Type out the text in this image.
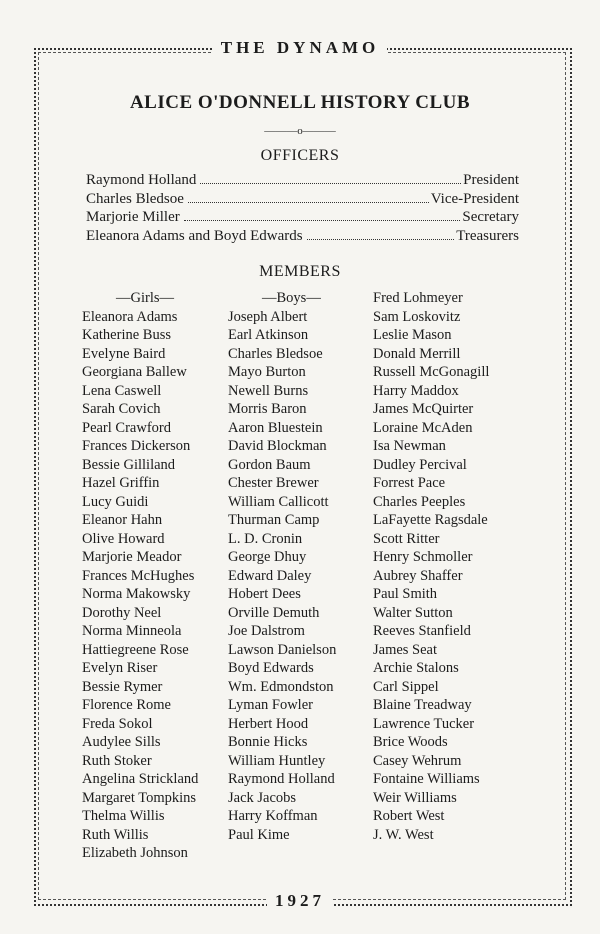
THE DYNAMO
ALICE O'DONNELL HISTORY CLUB
———o———
OFFICERS
Raymond Holland	President
Charles Bledsoe	Vice-President
Marjorie Miller	Secretary
Eleanora Adams and Boyd Edwards	Treasurers
MEMBERS
—Girls—
Eleanora Adams
Katherine Buss
Evelyne Baird
Georgiana Ballew
Lena Caswell
Sarah Covich
Pearl Crawford
Frances Dickerson
Bessie Gilliland
Hazel Griffin
Lucy Guidi
Eleanor Hahn
Olive Howard
Marjorie Meador
Frances McHughes
Norma Makowsky
Dorothy Neel
Norma Minneola
Hattiegreene Rose
Evelyn Riser
Bessie Rymer
Florence Rome
Freda Sokol
Audylee Sills
Ruth Stoker
Angelina Strickland
Margaret Tompkins
Thelma Willis
Ruth Willis
Elizabeth Johnson
—Boys—
Joseph Albert
Earl Atkinson
Charles Bledsoe
Mayo Burton
Newell Burns
Morris Baron
Aaron Bluestein
David Blockman
Gordon Baum
Chester Brewer
William Callicott
Thurman Camp
L. D. Cronin
George Dhuy
Edward Daley
Hobert Dees
Orville Demuth
Joe Dalstrom
Lawson Danielson
Boyd Edwards
Wm. Edmondston
Lyman Fowler
Herbert Hood
Bonnie Hicks
William Huntley
Raymond Holland
Jack Jacobs
Harry Koffman
Paul Kime
Fred Lohmeyer
Sam Loskovitz
Leslie Mason
Donald Merrill
Russell McGonagill
Harry Maddox
James McQuirter
Loraine McAden
Isa Newman
Dudley Percival
Forrest Pace
Charles Peeples
LaFayette Ragsdale
Scott Ritter
Henry Schmoller
Aubrey Shaffer
Paul Smith
Walter Sutton
Reeves Stanfield
James Seat
Archie Stalons
Carl Sippel
Blaine Treadway
Lawrence Tucker
Brice Woods
Casey Wehrum
Fontaine Williams
Weir Williams
Robert West
J. W. West
1927
